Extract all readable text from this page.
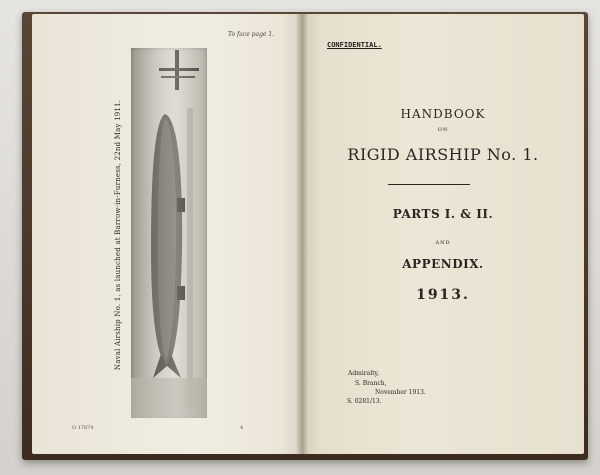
To face page 1.
Naval Airship No. 1, as launched at Barrow-in-Furness, 22nd May 1911.
O 17874	4
CONFIDENTIAL.
HANDBOOK
ON
RIGID AIRSHIP No. 1.
PARTS I. & II.
AND
APPENDIX.
1913.
Admiralty,
S. Branch,
November 1913.
S. 0281/13.
